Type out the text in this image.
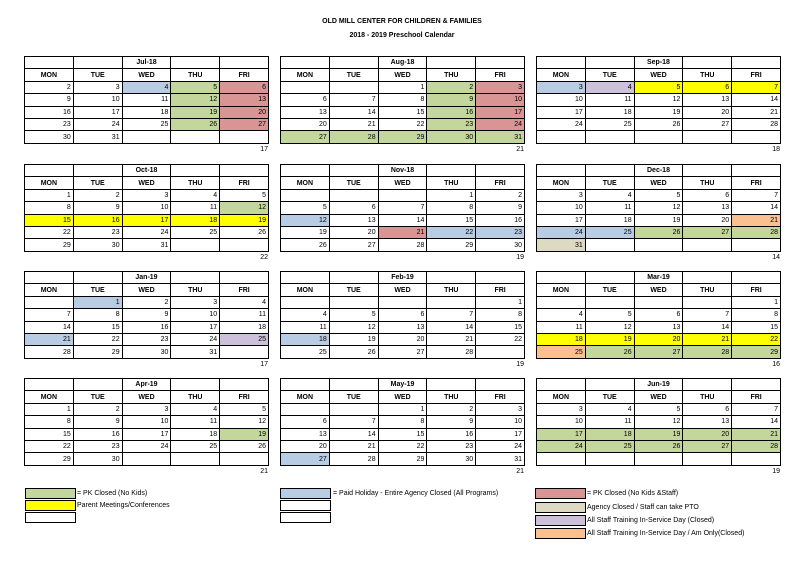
OLD MILL CENTER FOR CHILDREN & FAMILIES
2018 - 2019 Preschool Calendar
		Jul-18		
MON	TUE	WED	THU	FRI
2	3	4	5	6
9	10	11	12	13
16	17	18	19	20
23	24	25	26	27
30	31			
17
		Aug-18		
MON	TUE	WED	THU	FRI
		1	2	3
6	7	8	9	10
13	14	15	16	17
20	21	22	23	24
27	28	29	30	31
21
		Sep-18		
MON	TUE	WED	THU	FRI
3	4	5	6	7
10	11	12	13	14
17	18	19	20	21
24	25	26	27	28

18
		Oct-18		
MON	TUE	WED	THU	FRI
1	2	3	4	5
8	9	10	11	12
15	16	17	18	19
22	23	24	25	26
29	30	31		
22
		Nov-18		
MON	TUE	WED	THU	FRI
			1	2
5	6	7	8	9
12	13	14	15	16
19	20	21	22	23
26	27	28	29	30
19
		Dec-18		
MON	TUE	WED	THU	FRI
3	4	5	6	7
10	11	12	13	14
17	18	19	20	21
24	25	26	27	28
31				
14
		Jan-19		
MON	TUE	WED	THU	FRI
	1	2	3	4
7	8	9	10	11
14	15	16	17	18
21	22	23	24	25
28	29	30	31	
17
		Feb-19		
MON	TUE	WED	THU	FRI
				1
4	5	6	7	8
11	12	13	14	15
18	19	20	21	22
25	26	27	28	
19
		Mar-19		
MON	TUE	WED	THU	FRI
				1
4	5	6	7	8
11	12	13	14	15
18	19	20	21	22
25	26	27	28	29
16
		Apr-19		
MON	TUE	WED	THU	FRI
1	2	3	4	5
8	9	10	11	12
15	16	17	18	19
22	23	24	25	26
29	30			
21
		May-19		
MON	TUE	WED	THU	FRI
		1	2	3
6	7	8	9	10
13	14	15	16	17
20	21	22	23	24
27	28	29	30	31
21
		Jun-19		
MON	TUE	WED	THU	FRI
3	4	5	6	7
10	11	12	13	14
17	18	19	20	21
24	25	26	27	28

19
= PK Closed (No Kids)
Parent Meetings/Conferences
= Paid Holiday - Entire Agency Closed (All Programs)	= PK Closed (No Kids &Staff)
Agency Closed / Staff can take PTO
All Staff Training In-Service Day (Closed)
All Staff Training In-Service Day / Am Only(Closed)
